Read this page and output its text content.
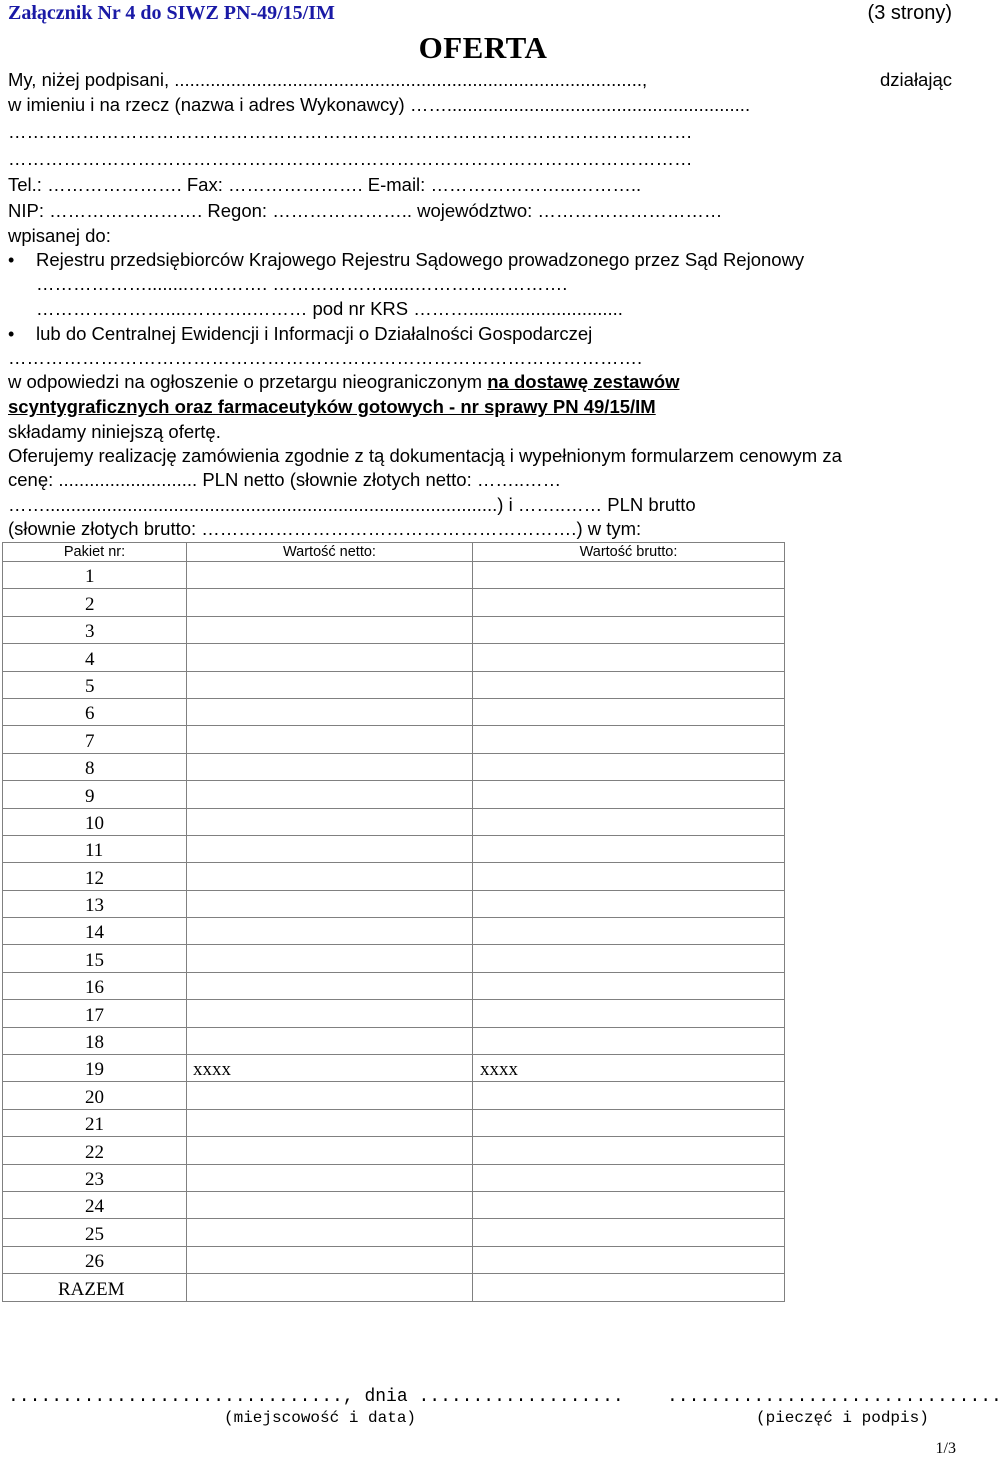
Załącznik Nr 4 do SIWZ PN-49/15/IM	(3 strony)
OFERTA
My, niżej podpisani, ...........................................................................................,	działając
w imieniu i na rzecz (nazwa i adres Wykonawcy) ……...........................................................
…………………………………………………………………………………………………
…………………………………………………………………………………………………
Tel.: …………………. Fax: …………………. E-mail: …………………...………..
NIP: ……………………. Regon: ………………….. województwo: …………………………
wpisanej do:
• Rejestru przedsiębiorców Krajowego Rejestru Sądowego prowadzonego przez Sąd Rejonowy
………………........…………. ………………......…………………….
…………………....………..……… pod nr KRS ………..............................
• lub do Centralnej Ewidencji i Informacji o Działalności Gospodarczej
………………………………………………………………………………………….
w odpowiedzi na ogłoszenie o przetargu nieograniczonym na dostawę zestawów
scyntygraficznych oraz farmaceutyków gotowych - nr sprawy PN 49/15/IM
składamy niniejszą ofertę.
Oferujemy realizację zamówienia zgodnie z tą dokumentacją i wypełnionym formularzem cenowym za
cenę: ........................... PLN netto (słownie złotych netto: ……..……
……........................................................................................) i ……..…… PLN brutto
(słownie złotych brutto: …………………………………………………….) w tym:
Pakiet nr:	Wartość netto:	Wartość brutto:
1		
2		
3		
4		
5		
6		
7		
8		
9		
10		
11		
12		
13		
14		
15		
16		
17		
18		
19	xxxx	xxxx
20		
21		
22		
23		
24		
25		
26		
RAZEM		
..............................., dnia ...................
(miejscowość i data)
...............................
(pieczęć i podpis)
1/3
